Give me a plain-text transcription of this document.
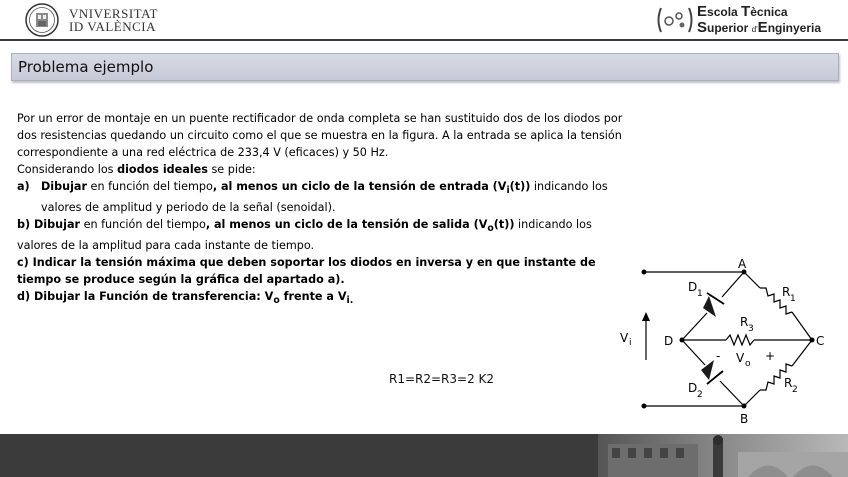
VNIVERSITAT
ID VALÈNCIA
Escola Tècnica
Superior d'Enginyeria
Problema ejemplo

Por un error de montaje en un puente rectificador de onda completa se han sustituido dos de los diodos por dos resistencias quedando un circuito como el que se muestra en la figura. A la entrada se aplica la tensión correspondiente a una red eléctrica de 233,4 V (eficaces) y 50 Hz.

Considerando los diodos ideales se pide:

a) Dibujar en función del tiempo, al menos un ciclo de la tensión de entrada $(V_i(t))$ indicando los valores de amplitud y periodo de la señal (senoidal).

b) Dibujar en función del tiempo, al menos un ciclo de la tensión de salida $(V_o(t))$ indicando los valores de la amplitud para cada instante de tiempo.

c) Indicar la tensión máxima que deben soportar los diodos en inversa y en que instante de tiempo se produce según la gráfica del apartado a).

d) Dibujar la Función de transferencia: $V_o$ frente a $V_{i.}$

R1=R2=R3=2 K2
A
B
C
D
D 1
D 2
R 1
R 2
R 3
V i
V o
-	+
